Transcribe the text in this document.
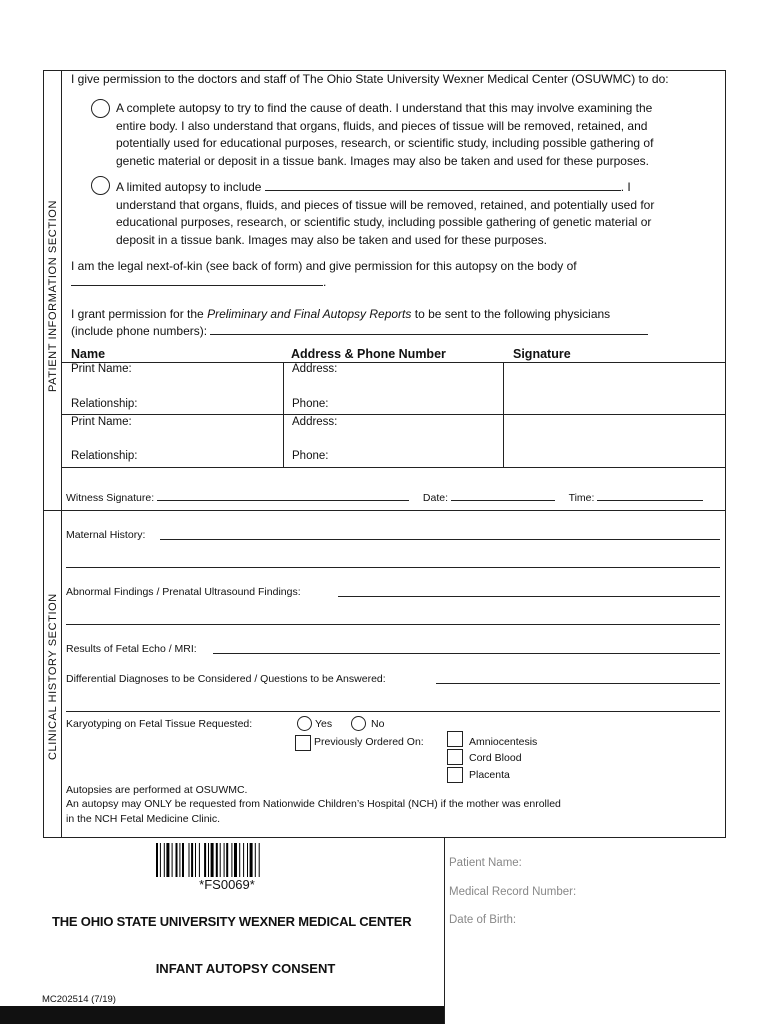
PATIENT INFORMATION SECTION
CLINICAL HISTORY SECTION
I give permission to the doctors and staff of The Ohio State University Wexner Medical Center (OSUWMC) to do:
A complete autopsy to try to find the cause of death. I understand that this may involve examining the
entire body. I also understand that organs, fluids, and pieces of tissue will be removed, retained, and
potentially used for educational purposes, research, or scientific study, including possible gathering of
genetic material or deposit in a tissue bank. Images may also be taken and used for these purposes.
A limited autopsy to include	. I
understand that organs, fluids, and pieces of tissue will be removed, retained, and potentially used for
educational purposes, research, or scientific study, including possible gathering of genetic material or
deposit in a tissue bank. Images may also be taken and used for these purposes.
I am the legal next-of-kin (see back of form) and give permission for this autopsy on the body of
.
I grant permission for the Preliminary and Final Autopsy Reports to be sent to the following physicians
(include phone numbers):
Name	Address & Phone Number	Signature
Print Name:	Address:
Relationship:	Phone:
Print Name:	Address:
Relationship:	Phone:
Witness Signature:	Date:	Time:
Maternal History:
Abnormal Findings / Prenatal Ultrasound Findings:
Results of Fetal Echo / MRI:
Differential Diagnoses to be Considered / Questions to be Answered:
Karyotyping on Fetal Tissue Requested:	Yes	No
Previously Ordered On:	Amniocentesis
Cord Blood
Placenta
Autopsies are performed at OSUWMC.
An autopsy may ONLY be requested from Nationwide Children’s Hospital (NCH) if the mother was enrolled
in the NCH Fetal Medicine Clinic.
*FS0069*
THE OHIO STATE UNIVERSITY WEXNER MEDICAL CENTER
INFANT AUTOPSY CONSENT
MC202514 (7/19)
Patient Name:
Medical Record Number:
Date of Birth:
